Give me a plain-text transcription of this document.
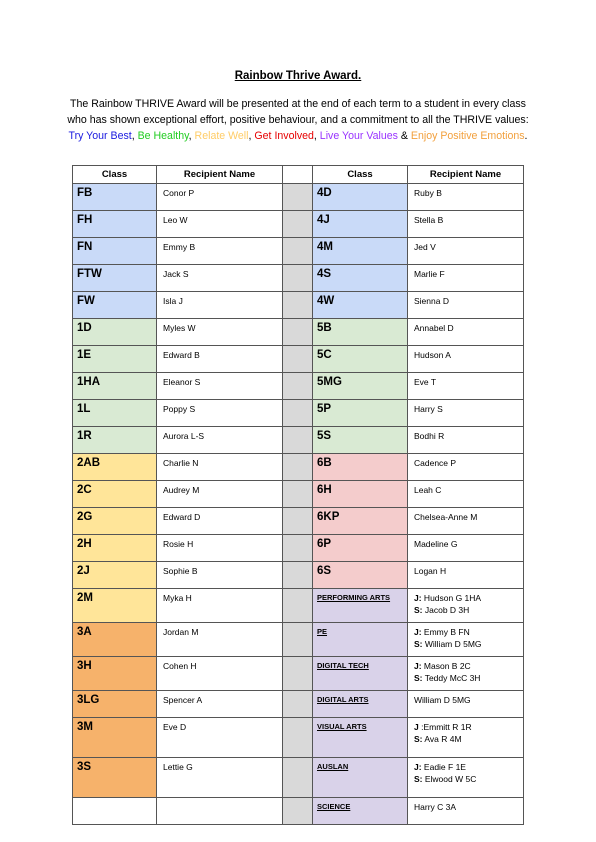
Rainbow Thrive Award.
The Rainbow THRIVE Award will be presented at the end of each term to a student in every class who has shown exceptional effort, positive behaviour, and a commitment to all the THRIVE values: Try Your Best, Be Healthy, Relate Well, Get Involved, Live Your Values & Enjoy Positive Emotions.
Class	Recipient Name		Class	Recipient Name
FB	Conor P		4D	Ruby B
FH	Leo W		4J	Stella B
FN	Emmy B		4M	Jed V
FTW	Jack S		4S	Marlie F
FW	Isla J		4W	Sienna D
1D	Myles W		5B	Annabel D
1E	Edward B		5C	Hudson A
1HA	Eleanor S		5MG	Eve T
1L	Poppy S		5P	Harry S
1R	Aurora L-S		5S	Bodhi R
2AB	Charlie N		6B	Cadence P
2C	Audrey M		6H	Leah C
2G	Edward D		6KP	Chelsea-Anne M
2H	Rosie H		6P	Madeline G
2J	Sophie B		6S	Logan H
2M	Myka H		PERFORMING ARTS	J: Hudson G 1HA
S: Jacob D 3H

3A	Jordan M		PE	J: Emmy B FN
S: William D 5MG

3H	Cohen H		DIGITAL TECH	J: Mason B 2C
S: Teddy McC 3H

3LG	Spencer A		DIGITAL ARTS	William D 5MG
3M	Eve D		VISUAL ARTS	J :Emmitt R 1R
S: Ava R 4M

3S	Lettie G		AUSLAN	J: Eadie F 1E
S: Elwood W 5C

			SCIENCE	Harry C 3A
